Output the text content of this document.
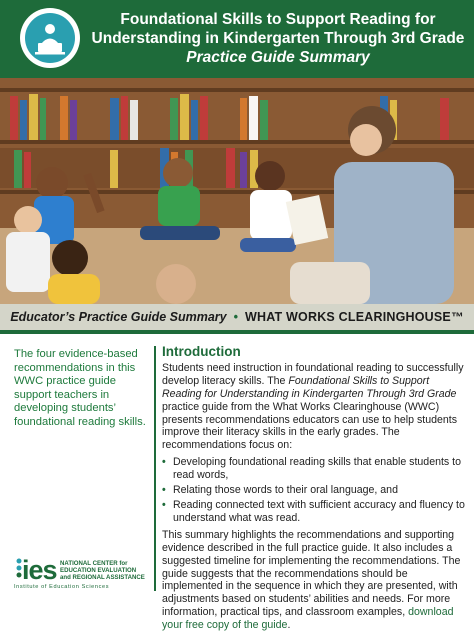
Foundational Skills to Support Reading for
Understanding in Kindergarten Through 3rd Grade
Practice Guide Summary
Educator’s Practice Guide Summary • WHAT WORKS CLEARINGHOUSE™
The four evidence-based recommendations in this WWC practice guide support teachers in developing students’ foundational reading skills.
ies NATIONAL CENTER for
EDUCATION EVALUATION
and REGIONAL ASSISTANCE
Institute of Education Sciences
Introduction

Students need instruction in foundational reading to successfully develop literacy skills. The Foundational Skills to Support Reading for Understanding in Kindergarten Through 3rd Grade practice guide from the What Works Clearinghouse (WWC) presents recommendations educators can use to help students improve their literacy skills in the early grades. The recommendations focus on:

• Developing foundational reading skills that enable students to read words,
• Relating those words to their oral language, and
• Reading connected text with sufficient accuracy and fluency to understand what was read.

This summary highlights the recommendations and supporting evidence described in the full practice guide. It also includes a suggested timeline for implementing the recommendations. The guide suggests that the recommendations should be implemented in the sequence in which they are presented, with adjustments based on students’ abilities and needs. For more information, practical tips, and classroom examples, download your free copy of the guide.
